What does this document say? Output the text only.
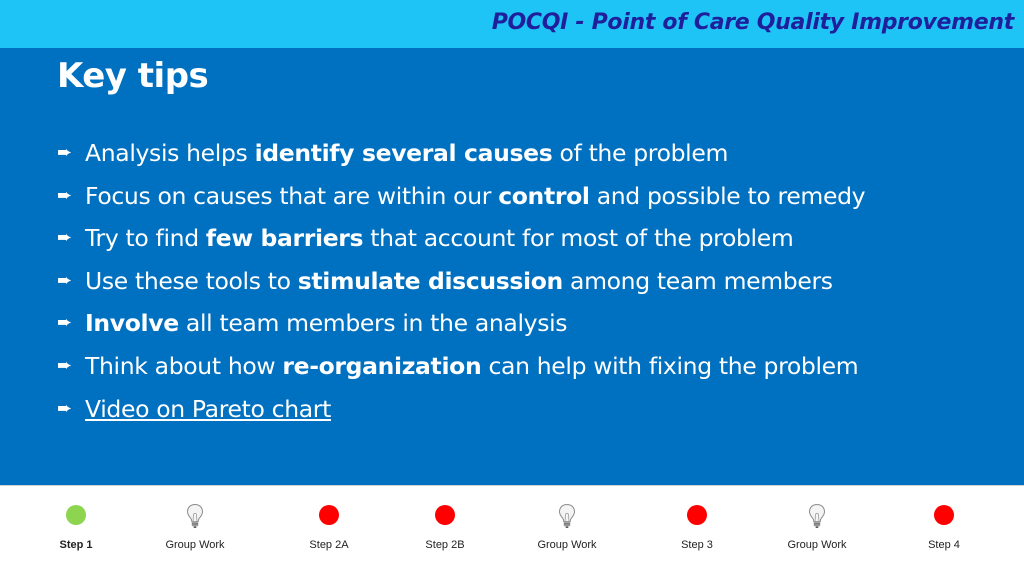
POCQI - Point of Care Quality Improvement
Key tips
➨ Analysis helps identify several causes of the problem
➨ Focus on causes that are within our control and possible to remedy
➨ Try to find few barriers that account for most of the problem
➨ Use these tools to stimulate discussion among team members
➨ Involve all team members in the analysis
➨ Think about how re-organization can help with fixing the problem
➨ Video on Pareto chart
Step 1	Group Work	Step 2A	Step 2B	Group Work	Step 3	Group Work	Step 4
